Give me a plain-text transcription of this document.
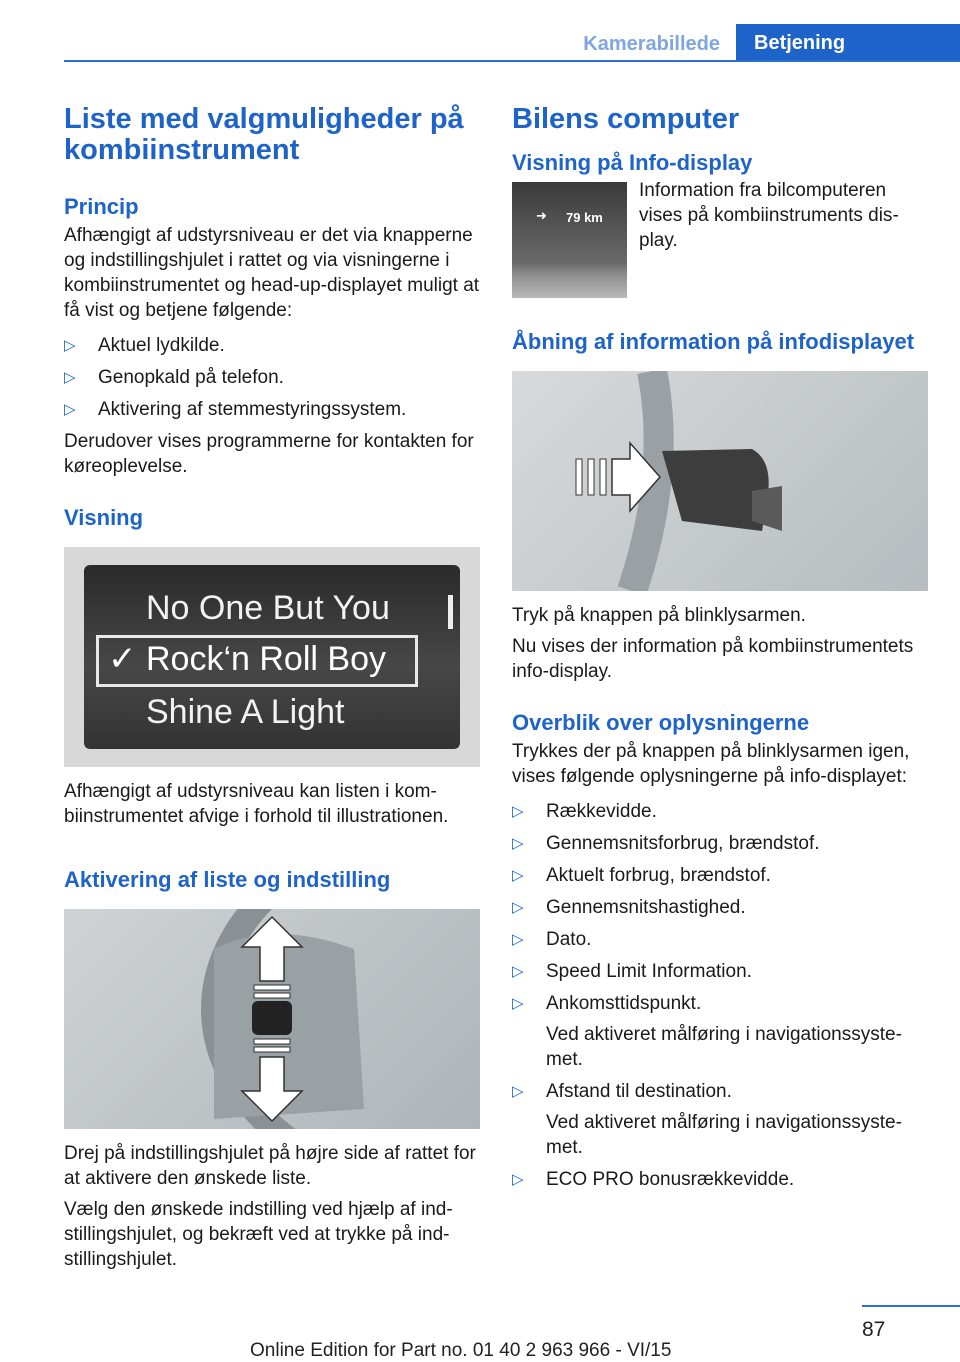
Kamerabillede	Betjening
Liste med valgmuligheder på kombiinstrument
Princip

Afhængigt af udstyrsniveau er det via knapperne og indstillingshjulet i rattet og via visningerne i kombiinstrumentet og head-up-displayet muligt at få vist og betjene følgende:

▷ Aktuel lydkilde.
▷ Genopkald på telefon.
▷ Aktivering af stemmestyringssystem.

Derudover vises programmerne for kontakten for køreoplevelse.

Visning
No One But You
✓ Rock‘n Roll Boy
Shine A Light

Afhængigt af udstyrsniveau kan listen i kombiinstrumentet afvige i forhold til illustrationen.

Aktivering af liste og indstilling

Drej på indstillingshjulet på højre side af rattet for at aktivere den ønskede liste.

Vælg den ønskede indstilling ved hjælp af indstillingshjulet, og bekræft ved at trykke på indstillingshjulet.

Bilens computer
Visning på Info-display
➜ 79 km

Information fra bilcomputeren vises på kombiinstruments display.

Åbning af information på infodisplayet

Tryk på knappen på blinklysarmen.

Nu vises der information på kombiinstrumentets info-display.

Overblik over oplysningerne

Trykkes der på knappen på blinklysarmen igen, vises følgende oplysningerne på info-displayet:

▷ Rækkevidde.
▷ Gennemsnitsforbrug, brændstof.
▷ Aktuelt forbrug, brændstof.
▷ Gennemsnitshastighed.
▷ Dato.
▷ Speed Limit Information.
▷ Ankomsttidspunkt.
Ved aktiveret målføring i navigationssystemet.
▷ Afstand til destination.
Ved aktiveret målføring i navigationssystemet.
▷ ECO PRO bonusrækkevidde.
87
Online Edition for Part no. 01 40 2 963 966 - VI/15
